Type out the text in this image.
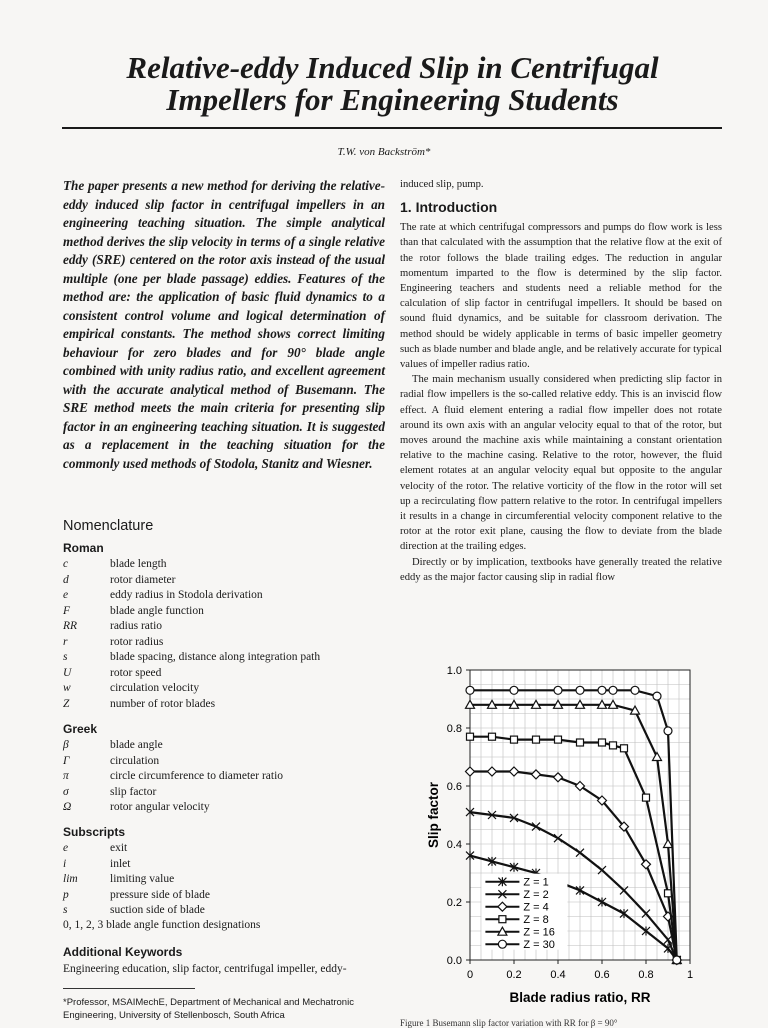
Relative-eddy Induced Slip in Centrifugal Impellers for Engineering Students
T.W. von Backström*

The paper presents a new method for deriving the relative-eddy induced slip factor in centrifugal impellers in an engineering teaching situation. The simple analytical method derives the slip velocity in terms of a single relative eddy (SRE) centered on the rotor axis instead of the usual multiple (one per blade passage) eddies. Features of the method are: the application of basic fluid dynamics to a consistent control volume and logical determination of empirical constants. The method shows correct limiting behaviour for zero blades and for 90° blade angle combined with unity radius ratio, and excellent agreement with the accurate analytical method of Busemann. The SRE method meets the main criteria for presenting slip factor in an engineering teaching situation. It is suggested as a replacement in the teaching situation for the commonly used methods of Stodola, Stanitz and Wiesner.

Nomenclature
Roman
c	blade length
d	rotor diameter
e	eddy radius in Stodola derivation
F	blade angle function
RR	radius ratio
r	rotor radius
s	blade spacing, distance along integration path
U	rotor speed
w	circulation velocity
Z	number of rotor blades
Greek
β	blade angle
Γ	circulation
π	circle circumference to diameter ratio
σ	slip factor
Ω	rotor angular velocity
Subscripts
e	exit
i	inlet
lim	limiting value
p	pressure side of blade
s	suction side of blade
0, 1, 2, 3 blade angle function designations
Additional Keywords

Engineering education, slip factor, centrifugal impeller, eddy-

*Professor, MSAIMechE, Department of Mechanical and Mechatronic Engineering, University of Stellenbosch, South Africa

induced slip, pump.

1. Introduction

The rate at which centrifugal compressors and pumps do flow work is less than that calculated with the assumption that the relative flow at the exit of the rotor follows the blade trailing edges. The reduction in angular momentum imparted to the flow is determined by the slip factor. Engineering teachers and students need a reliable method for the calculation of slip factor in centrifugal impellers. It should be based on sound fluid dynamics, and be suitable for classroom derivation. The method should be widely applicable in terms of basic impeller geometry such as blade number and blade angle, and be relatively accurate for typical values of impeller radius ratio.

The main mechanism usually considered when predicting slip factor in radial flow impellers is the so-called relative eddy. This is an inviscid flow effect. A fluid element entering a radial flow impeller does not rotate around its own axis with an angular velocity equal to that of the rotor, but moves around the machine axis while maintaining a constant orientation relative to the machine casing. Relative to the rotor, however, the fluid element rotates at an angular velocity equal but opposite to the angular velocity of the rotor. The relative vorticity of the flow in the rotor will set up a recirculating flow pattern relative to the rotor. In centrifugal impellers it results in a change in circumferential velocity component relative to the rotor at the rotor exit plane, causing the flow to deviate from the blade direction at the trailing edges.

Directly or by implication, textbooks have generally treated the relative eddy as the major factor causing slip in radial flow

0	0.2	0.4	0.6	0.8	1
0.0
0.2
0.4
0.6
0.8
1.0
Blade radius ratio, RR
Slip factor
Z = 1
Z = 2
Z = 4
Z = 8
Z = 16
Z = 30

Figure 1 Busemann slip factor variation with RR for β = 90°
